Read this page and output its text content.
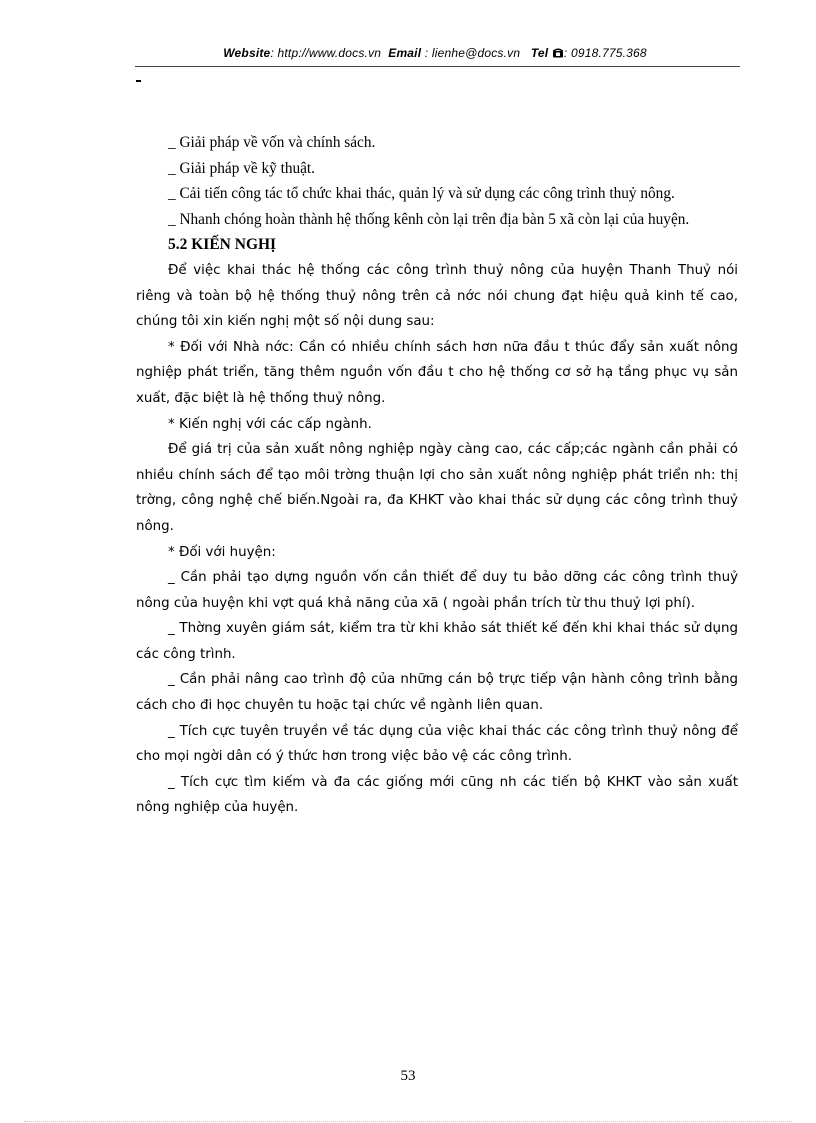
Website: http://www.docs.vn Email : lienhe@docs.vn Tel : 0918.775.368

_ Giải pháp về vốn và chính sách.

_ Giải pháp về kỹ thuật.

_ Cải tiến công tác tổ chức khai thác, quản lý và sử dụng các công trình thuỷ nông.

_ Nhanh chóng hoàn thành hệ thống kênh còn lại trên địa bàn 5 xã còn lại của huyện.

5.2 KIẾN NGHỊ

Để việc khai thác hệ thống các công trình thuỷ nông của huyện Thanh Thuỷ nói riêng và toàn bộ hệ thống thuỷ nông trên cả nớc nói chung đạt hiệu quả kinh tế cao, chúng tôi xin kiến nghị một số nội dung sau:

* Đối với Nhà nớc: Cần có nhiều chính sách hơn nữa đầu t thúc đẩy sản xuất nông nghiệp phát triển, tăng thêm nguồn vốn đầu t cho hệ thống cơ sở hạ tầng phục vụ sản xuất, đặc biệt là hệ thống thuỷ nông.

* Kiến nghị với các cấp ngành.

Để giá trị của sản xuất nông nghiệp ngày càng cao, các cấp;các ngành cần phải có nhiều chính sách để tạo môi trờng thuận lợi cho sản xuất nông nghiệp phát triển nh: thị trờng, công nghệ chế biến.Ngoài ra, đa KHKT vào khai thác sử dụng các công trình thuỷ nông.

* Đối với huyện:

_ Cần phải tạo dựng nguồn vốn cần thiết để duy tu bảo dỡng các công trình thuỷ nông của huyện khi vợt quá khả năng của xã ( ngoài phần trích từ thu thuỷ lợi phí).

_ Thờng xuyên giám sát, kiểm tra từ khi khảo sát thiết kế đến khi khai thác sử dụng các công trình.

_ Cần phải nâng cao trình độ của những cán bộ trực tiếp vận hành công trình bằng cách cho đi học chuyên tu hoặc tại chức về ngành liên quan.

_ Tích cực tuyên truyền về tác dụng của việc khai thác các công trình thuỷ nông để cho mọi ngời dân có ý thức hơn trong việc bảo vệ các công trình.

_ Tích cực tìm kiếm và đa các giống mới cũng nh các tiến bộ KHKT vào sản xuất nông nghiệp của huyện.

53
